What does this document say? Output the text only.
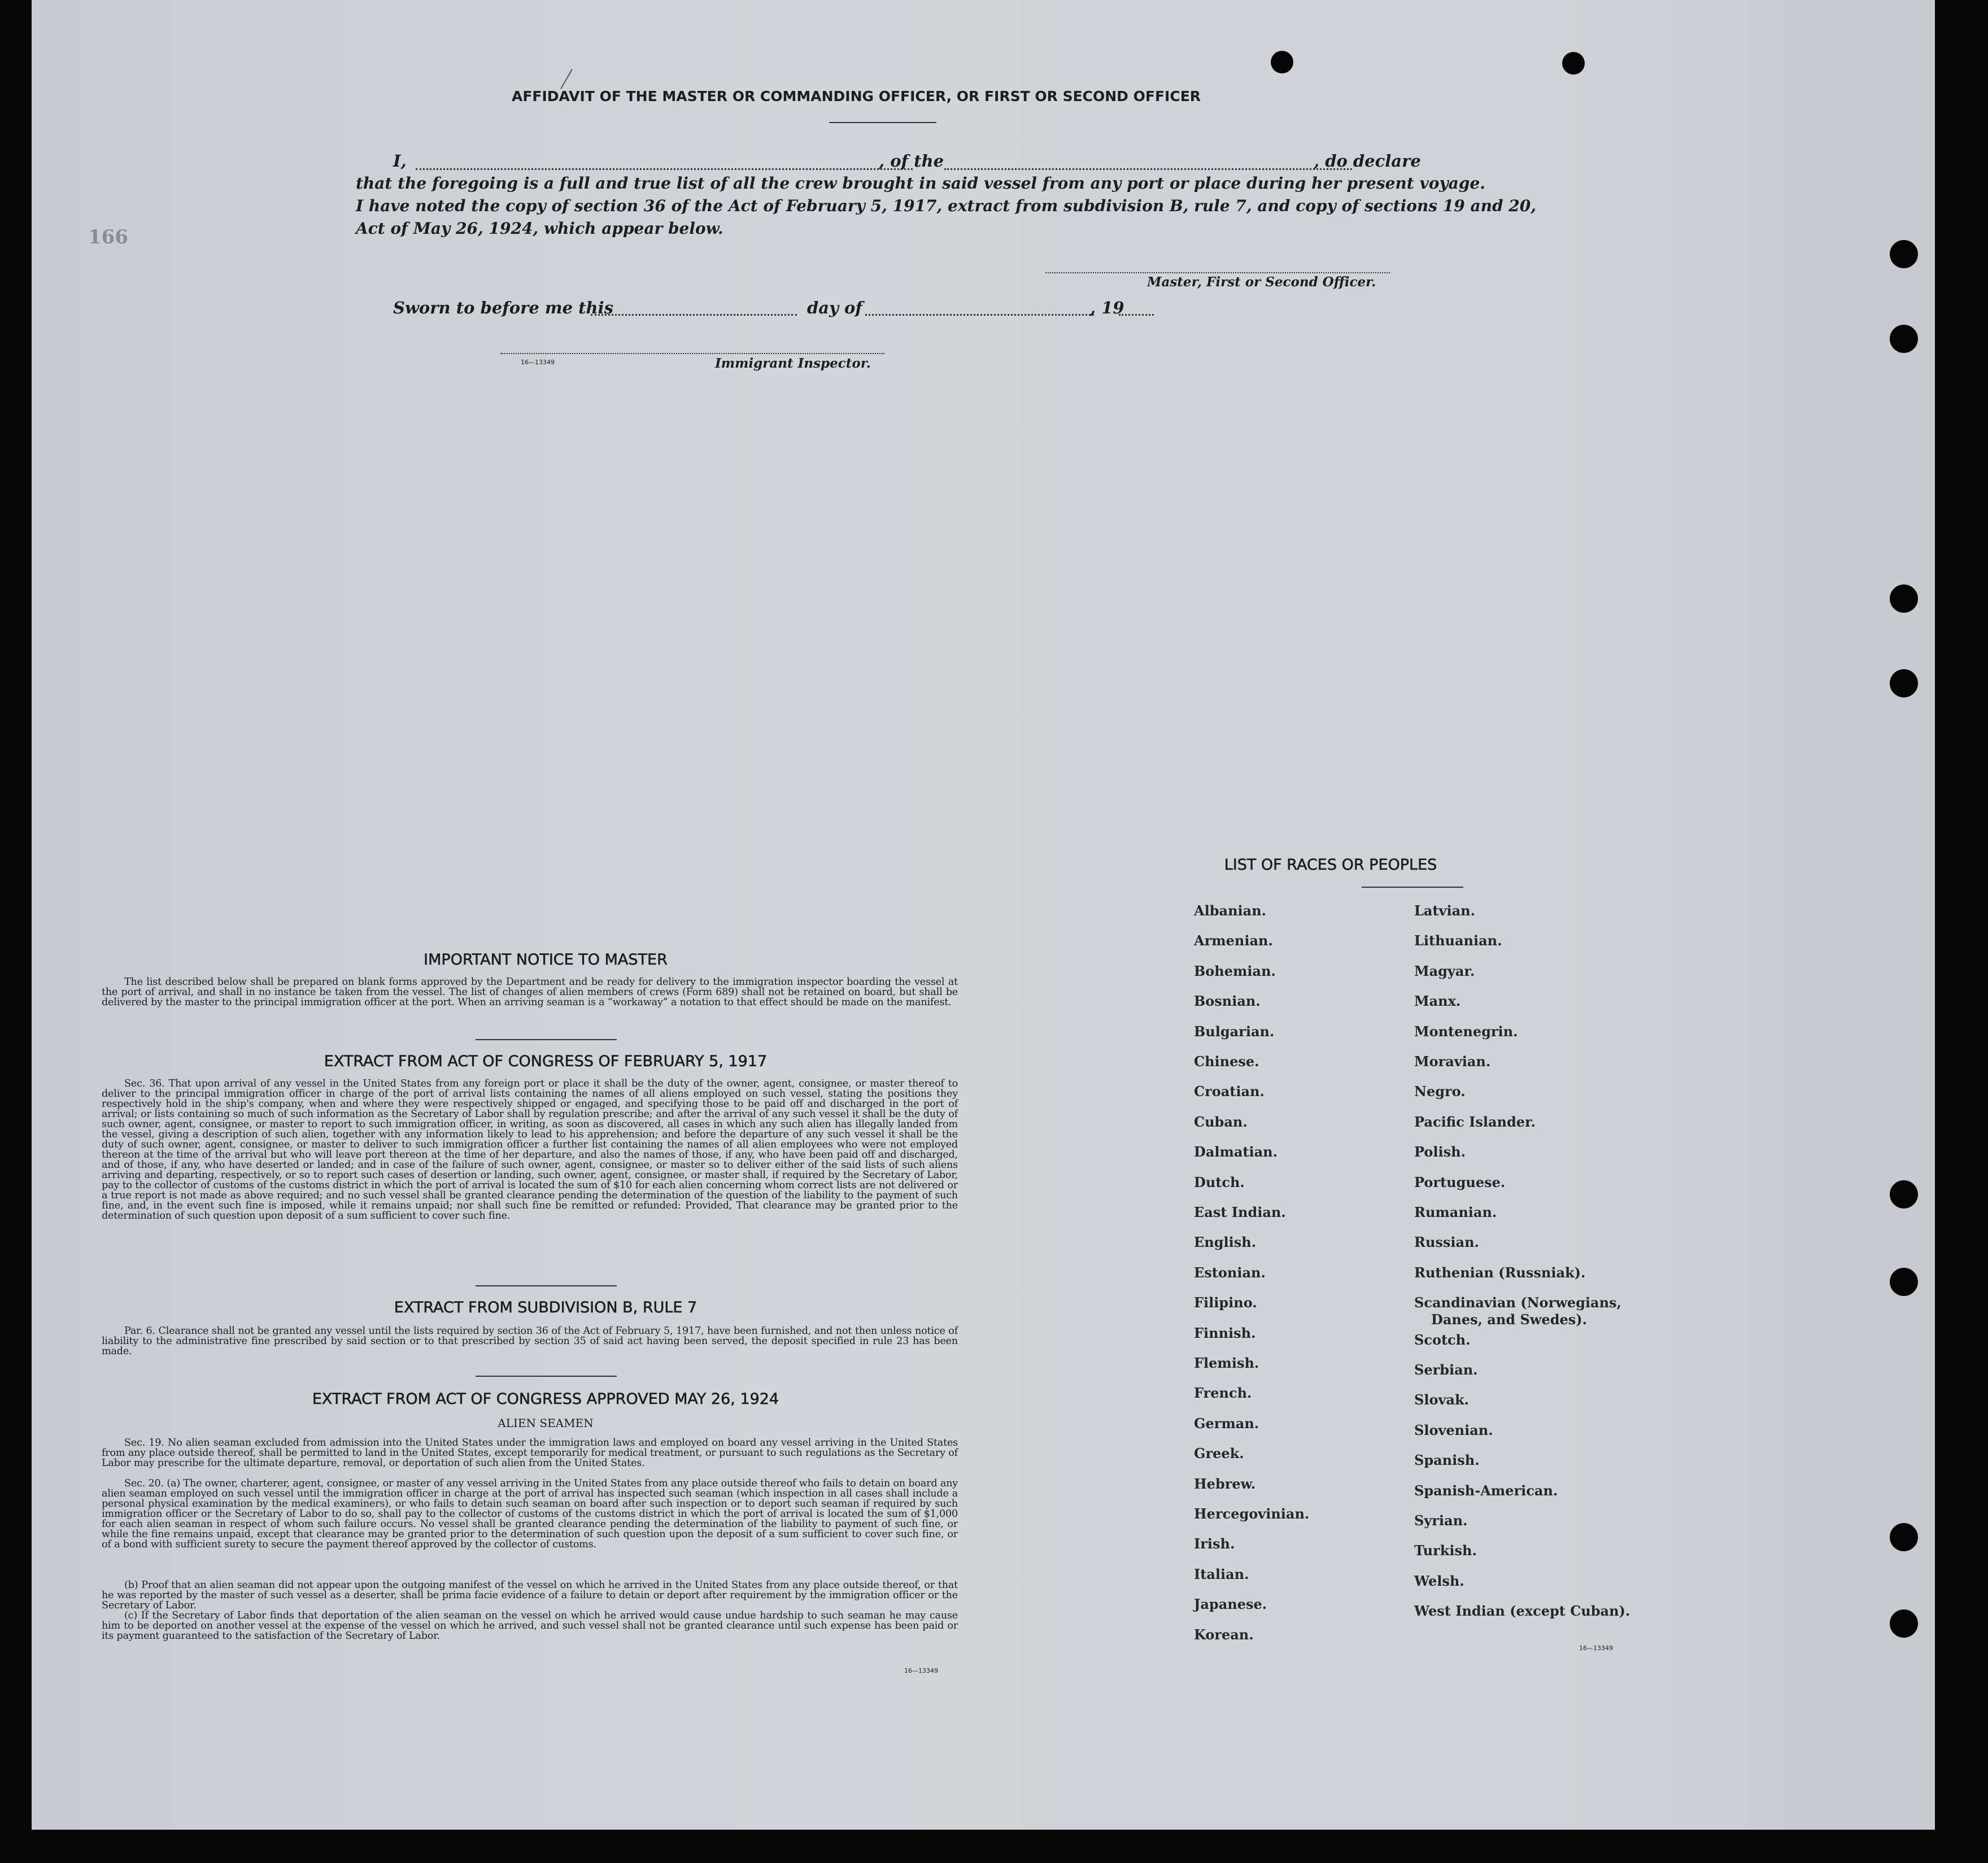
AFFIDAVIT OF THE MASTER OR COMMANDING OFFICER, OR FIRST OR SECOND OFFICER
I,	, of the	, do declare
that the foregoing is a full and true list of all the crew brought in said vessel from any port or place during her present voyage.
I have noted the copy of section 36 of the Act of February 5, 1917, extract from subdivision B, rule 7, and copy of sections 19 and 20,
Act of May 26, 1924, which appear below.
Master, First or Second Officer.
Sworn to before me this	day of	, 19
16—13349	Immigrant Inspector.
IMPORTANT NOTICE TO MASTER
The list described below shall be prepared on blank forms approved by the Department and be ready for delivery to the immigration inspector boarding the vessel at the port of arrival, and shall in no instance be taken from the vessel. The list of changes of alien members of crews (Form 689) shall not be retained on board, but shall be delivered by the master to the principal immigration officer at the port. When an arriving seaman is a “workaway” a notation to that effect should be made on the manifest.
EXTRACT FROM ACT OF CONGRESS OF FEBRUARY 5, 1917
Sec. 36. That upon arrival of any vessel in the United States from any foreign port or place it shall be the duty of the owner, agent, consignee, or master thereof to deliver to the principal immigration officer in charge of the port of arrival lists containing the names of all aliens employed on such vessel, stating the positions they respectively hold in the ship's company, when and where they were respectively shipped or engaged, and specifying those to be paid off and discharged in the port of arrival; or lists containing so much of such information as the Secretary of Labor shall by regulation prescribe; and after the arrival of any such vessel it shall be the duty of such owner, agent, consignee, or master to report to such immigration officer, in writing, as soon as discovered, all cases in which any such alien has illegally landed from the vessel, giving a description of such alien, together with any information likely to lead to his apprehension; and before the departure of any such vessel it shall be the duty of such owner, agent, consignee, or master to deliver to such immigration officer a further list containing the names of all alien employees who were not employed thereon at the time of the arrival but who will leave port thereon at the time of her departure, and also the names of those, if any, who have been paid off and discharged, and of those, if any, who have deserted or landed; and in case of the failure of such owner, agent, consignee, or master so to deliver either of the said lists of such aliens arriving and departing, respectively, or so to report such cases of desertion or landing, such owner, agent, consignee, or master shall, if required by the Secretary of Labor, pay to the collector of customs of the customs district in which the port of arrival is located the sum of $10 for each alien concerning whom correct lists are not delivered or a true report is not made as above required; and no such vessel shall be granted clearance pending the determination of the question of the liability to the payment of such fine, and, in the event such fine is imposed, while it remains unpaid; nor shall such fine be remitted or refunded: Provided, That clearance may be granted prior to the determination of such question upon deposit of a sum sufficient to cover such fine.
EXTRACT FROM SUBDIVISION B, RULE 7
Par. 6. Clearance shall not be granted any vessel until the lists required by section 36 of the Act of February 5, 1917, have been furnished, and not then unless notice of liability to the administrative fine prescribed by said section or to that prescribed by section 35 of said act having been served, the deposit specified in rule 23 has been made.
EXTRACT FROM ACT OF CONGRESS APPROVED MAY 26, 1924
ALIEN SEAMEN
Sec. 19. No alien seaman excluded from admission into the United States under the immigration laws and employed on board any vessel arriving in the United States from any place outside thereof, shall be permitted to land in the United States, except temporarily for medical treatment, or pursuant to such regulations as the Secretary of Labor may prescribe for the ultimate departure, removal, or deportation of such alien from the United States.
Sec. 20. (a) The owner, charterer, agent, consignee, or master of any vessel arriving in the United States from any place outside thereof who fails to detain on board any alien seaman employed on such vessel until the immigration officer in charge at the port of arrival has inspected such seaman (which inspection in all cases shall include a personal physical examination by the medical examiners), or who fails to detain such seaman on board after such inspection or to deport such seaman if required by such immigration officer or the Secretary of Labor to do so, shall pay to the collector of customs of the customs district in which the port of arrival is located the sum of $1,000 for each alien seaman in respect of whom such failure occurs. No vessel shall be granted clearance pending the determination of the liability to payment of such fine, or while the fine remains unpaid, except that clearance may be granted prior to the determination of such question upon the deposit of a sum sufficient to cover such fine, or of a bond with sufficient surety to secure the payment thereof approved by the collector of customs.
(b) Proof that an alien seaman did not appear upon the outgoing manifest of the vessel on which he arrived in the United States from any place outside thereof, or that he was reported by the master of such vessel as a deserter, shall be prima facie evidence of a failure to detain or deport after requirement by the immigration officer or the Secretary of Labor.
(c) If the Secretary of Labor finds that deportation of the alien seaman on the vessel on which he arrived would cause undue hardship to such seaman he may cause him to be deported on another vessel at the expense of the vessel on which he arrived, and such vessel shall not be granted clearance until such expense has been paid or its payment guaranteed to the satisfaction of the Secretary of Labor.
16—13349
LIST OF RACES OR PEOPLES
16—13349
166
Albanian.
Armenian.
Bohemian.
Bosnian.
Bulgarian.
Chinese.
Croatian.
Cuban.
Dalmatian.
Dutch.
East Indian.
English.
Estonian.
Filipino.
Finnish.
Flemish.
French.
German.
Greek.
Hebrew.
Hercegovinian.
Irish.
Italian.
Japanese.
Korean.
Latvian.
Lithuanian.
Magyar.
Manx.
Montenegrin.
Moravian.
Negro.
Pacific Islander.
Polish.
Portuguese.
Rumanian.
Russian.
Ruthenian (Russniak).
Scandinavian (Norwegians,
Danes, and Swedes).
Scotch.
Serbian.
Slovak.
Slovenian.
Spanish.
Spanish-American.
Syrian.
Turkish.
Welsh.
West Indian (except Cuban).
